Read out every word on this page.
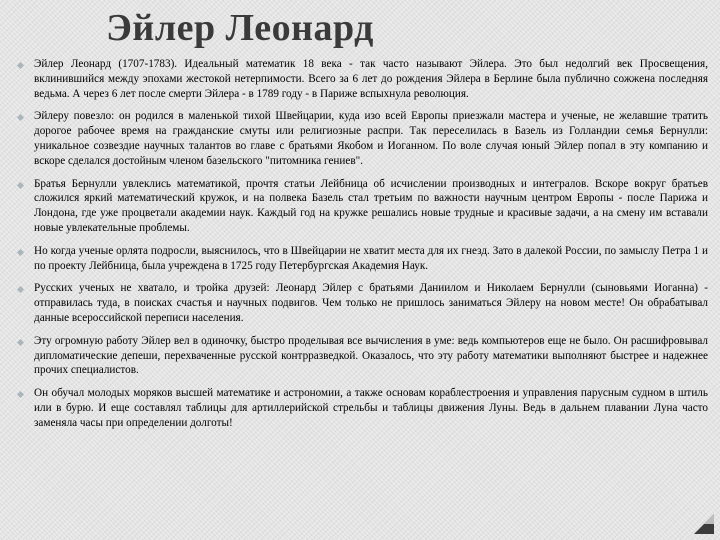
Эйлер Леонард
Эйлер Леонард (1707-1783). Идеальный математик 18 века - так часто называют Эйлера. Это был недолгий век Просвещения, вклинившийся между эпохами жестокой нетерпимости. Всего за 6 лет до рождения Эйлера в Берлине была публично сожжена последняя ведьма. А через 6 лет после смерти Эйлера - в 1789 году - в Париже вспыхнула революция.
Эйлеру повезло: он родился в маленькой тихой Швейцарии, куда изо всей Европы приезжали мастера и ученые, не желавшие тратить дорогое рабочее время на гражданские смуты или религиозные распри. Так переселилась в Базель из Голландии семья Бернулли: уникальное созвездие научных талантов во главе с братьями Якобом и Иоганном. По воле случая юный Эйлер попал в эту компанию и вскоре сделался достойным членом базельского "питомника гениев".
Братья Бернулли увлеклись математикой, прочтя статьи Лейбница об исчислении производных и интегралов. Вскоре вокруг братьев сложился яркий математический кружок, и на полвека Базель стал третьим по важности научным центром Европы - после Парижа и Лондона, где уже процветали академии наук. Каждый год на кружке решались новые трудные и красивые задачи, а на смену им вставали новые увлекательные проблемы.
Но когда ученые орлята подросли, выяснилось, что в Швейцарии не хватит места для их гнезд. Зато в далекой России, по замыслу Петра 1 и по проекту Лейбница, была учреждена в 1725 году Петербургская Академия Наук.
Русских ученых не хватало, и тройка друзей: Леонард Эйлер с братьями Даниилом и Николаем Бернулли (сыновьями Иоганна) - отправилась туда, в поисках счастья и научных подвигов. Чем только не пришлось заниматься Эйлеру на новом месте! Он обрабатывал данные всероссийской переписи населения.
Эту огромную работу Эйлер вел в одиночку, быстро проделывая все вычисления в уме: ведь компьютеров еще не было. Он расшифровывал дипломатические депеши, перехваченные русской контрразведкой. Оказалось, что эту работу математики выполняют быстрее и надежнее прочих специалистов.
Он обучал молодых моряков высшей математике и астрономии, а также основам кораблестроения и управления парусным судном в штиль или в бурю. И еще составлял таблицы для артиллерийской стрельбы и таблицы движения Луны. Ведь в дальнем плавании Луна часто заменяла часы при определении долготы!
